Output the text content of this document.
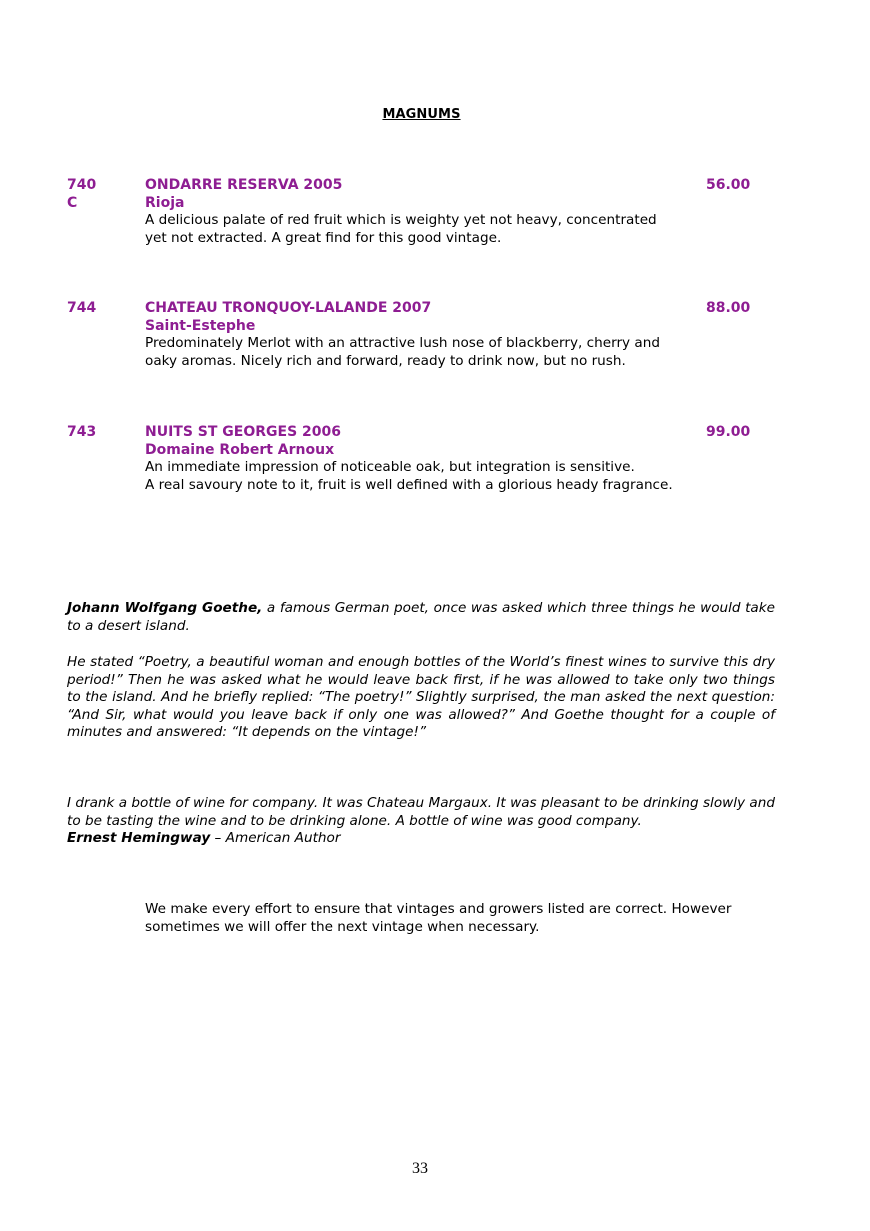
MAGNUMS
740
C
ONDARRE RESERVA 2005
Rioja
56.00
A delicious palate of red fruit which is weighty yet not heavy, concentrated
yet not extracted. A great find for this good vintage.
744	CHATEAU TRONQUOY-LALANDE 2007
Saint-Estephe
88.00
Predominately Merlot with an attractive lush nose of blackberry, cherry and
oaky aromas. Nicely rich and forward, ready to drink now, but no rush.
743	NUITS ST GEORGES 2006
Domaine Robert Arnoux
99.00
An immediate impression of noticeable oak, but integration is sensitive.
A real savoury note to it, fruit is well defined with a glorious heady fragrance.
Johann Wolfgang Goethe, a famous German poet, once was asked which three things he would take to a desert island.
He stated “Poetry, a beautiful woman and enough bottles of the World’s finest wines to survive this dry period!” Then he was asked what he would leave back first, if he was allowed to take only two things to the island. And he briefly replied: “The poetry!” Slightly surprised, the man asked the next question: “And Sir, what would you leave back if only one was allowed?” And Goethe thought for a couple of minutes and answered: “It depends on the vintage!”
I drank a bottle of wine for company. It was Chateau Margaux. It was pleasant to be drinking slowly and to be tasting the wine and to be drinking alone. A bottle of wine was good company.
Ernest Hemingway – American Author
We make every effort to ensure that vintages and growers listed are correct. However
sometimes we will offer the next vintage when necessary.
33
